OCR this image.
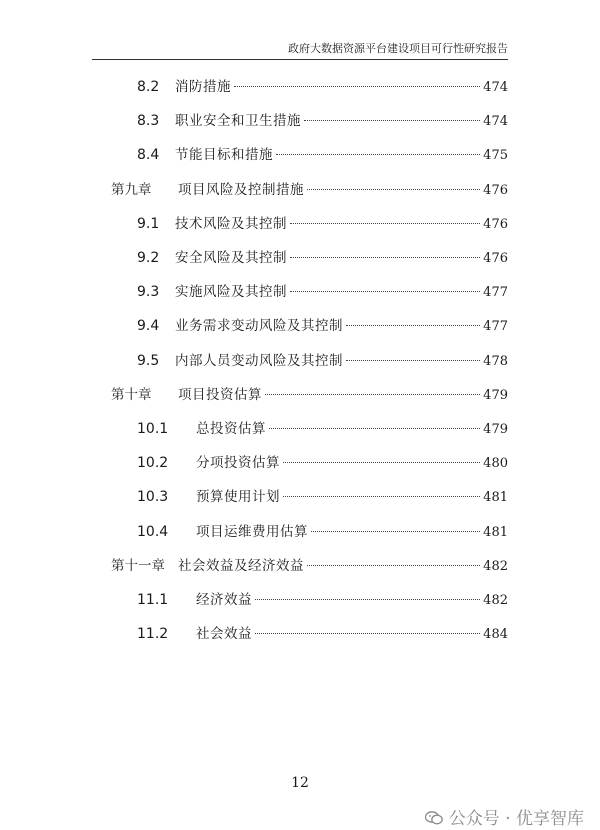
政府大数据资源平台建设项目可行性研究报告
8.2 消防措施	474
8.3 职业安全和卫生措施	474
8.4 节能目标和措施	475
第九章 项目风险及控制措施	476
9.1 技术风险及其控制	476
9.2 安全风险及其控制	476
9.3 实施风险及其控制	477
9.4 业务需求变动风险及其控制	477
9.5 内部人员变动风险及其控制	478
第十章 项目投资估算	479
10.1 总投资估算	479
10.2 分项投资估算	480
10.3 预算使用计划	481
10.4 项目运维费用估算	481
第十一章 社会效益及经济效益	482
11.1 经济效益	482
11.2 社会效益	484
12
公众号 · 优享智库
